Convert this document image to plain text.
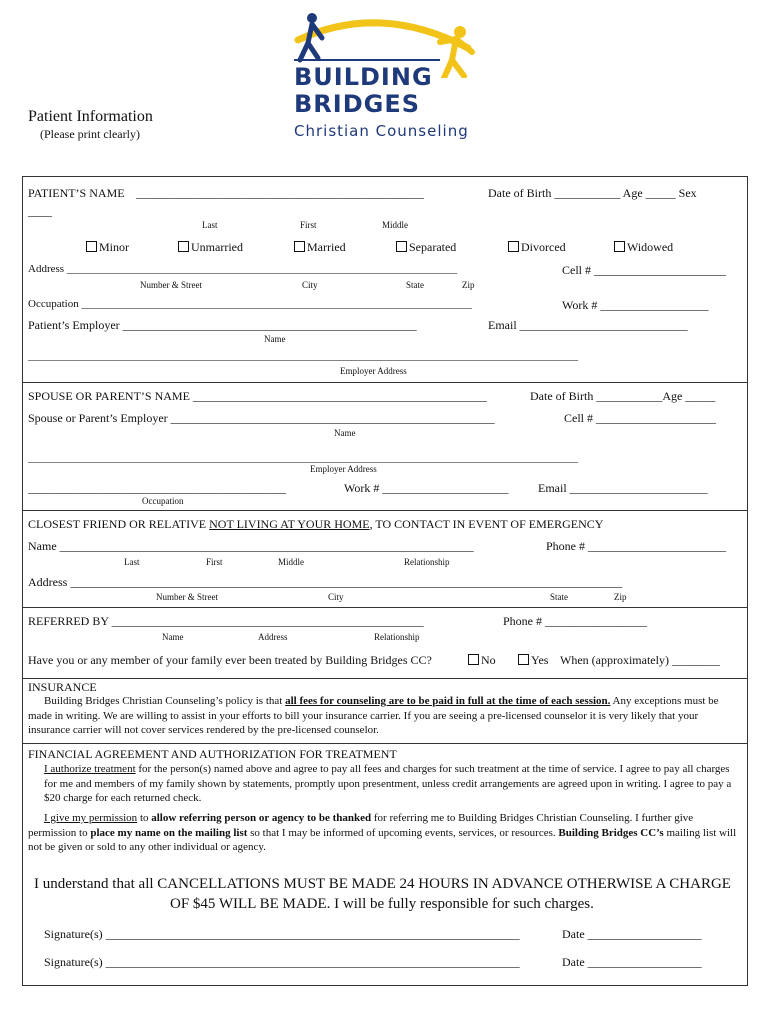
BUILDING
BRIDGES
Christian Counseling
Patient Information
(Please print clearly)
PATIENT’S NAME ________________________________________________	Date of Birth ___________ Age _____ Sex
____
Last	First	Middle
Minor	Unmarried	Married	Separated	Divorced	Widowed
Address _______________________________________________________________________	Cell # ______________________
Number & Street	City	State	Zip
Occupation _______________________________________________________________________	Work # __________________
Patient’s Employer _________________________________________________	Email ____________________________
Name
____________________________________________________________________________________________________
Employer Address
SPOUSE OR PARENT’S NAME _________________________________________________	Date of Birth ___________Age _____
Spouse or Parent’s Employer ______________________________________________________	Cell # ____________________
Name
____________________________________________________________________________________________________
Employer Address
___________________________________________	Work # _____________________ Email _______________________
Occupation
CLOSEST FRIEND OR RELATIVE NOT LIVING AT YOUR HOME, TO CONTACT IN EVENT OF EMERGENCY
Name _____________________________________________________________________	Phone # _______________________
Last	First	Middle	Relationship
Address ____________________________________________________________________________________________
Number & Street	City	State	Zip
REFERRED BY ____________________________________________________	Phone # _________________
Name	Address	Relationship
Have you or any member of your family ever been treated by Building Bridges CC?	No	Yes When (approximately) ________
INSURANCE
Building Bridges Christian Counseling’s policy is that all fees for counseling are to be paid in full at the time of each session. Any exceptions must be made in writing. We are willing to assist in your efforts to bill your insurance carrier. If you are seeing a pre-licensed counselor it is very likely that your insurance carrier will not cover services rendered by the pre-licensed counselor.
FINANCIAL AGREEMENT AND AUTHORIZATION FOR TREATMENT
I authorize treatment for the person(s) named above and agree to pay all fees and charges for such treatment at the time of service. I agree to pay all charges for me and members of my family shown by statements, promptly upon presentment, unless credit arrangements are agreed upon in writing. I agree to pay a $20 charge for each returned check.
I give my permission to allow referring person or agency to be thanked for referring me to Building Bridges Christian Counseling. I further give permission to place my name on the mailing list so that I may be informed of upcoming events, services, or resources. Building Bridges CC’s mailing list will not be given or sold to any other individual or agency.
I understand that all CANCELLATIONS MUST BE MADE 24 HOURS IN ADVANCE OTHERWISE A CHARGE
OF $45 WILL BE MADE. I will be fully responsible for such charges.
Signature(s) _____________________________________________________________________	Date ___________________
Signature(s) _____________________________________________________________________	Date ___________________
